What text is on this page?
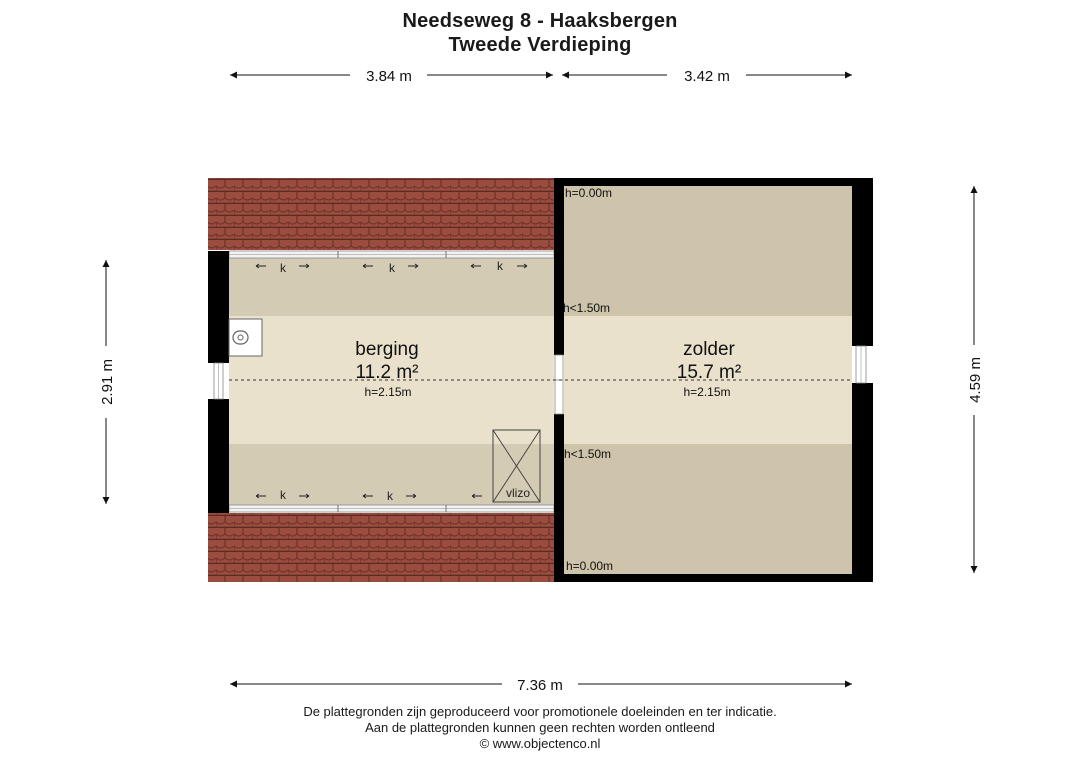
Needseweg 8 - Haaksbergen
Tweede Verdieping
vlizo
k	k	k
k	k
berging
11.2 m²
h=2.15m
zolder
15.7 m²
h=2.15m
h=0.00m
h<1.50m
h<1.50m
h=0.00m
3.84 m	3.42 m
7.36 m
2.91 m	4.59 m
De plattegronden zijn geproduceerd voor promotionele doeleinden en ter indicatie.
Aan de plattegronden kunnen geen rechten worden ontleend
© www.objectenco.nl
